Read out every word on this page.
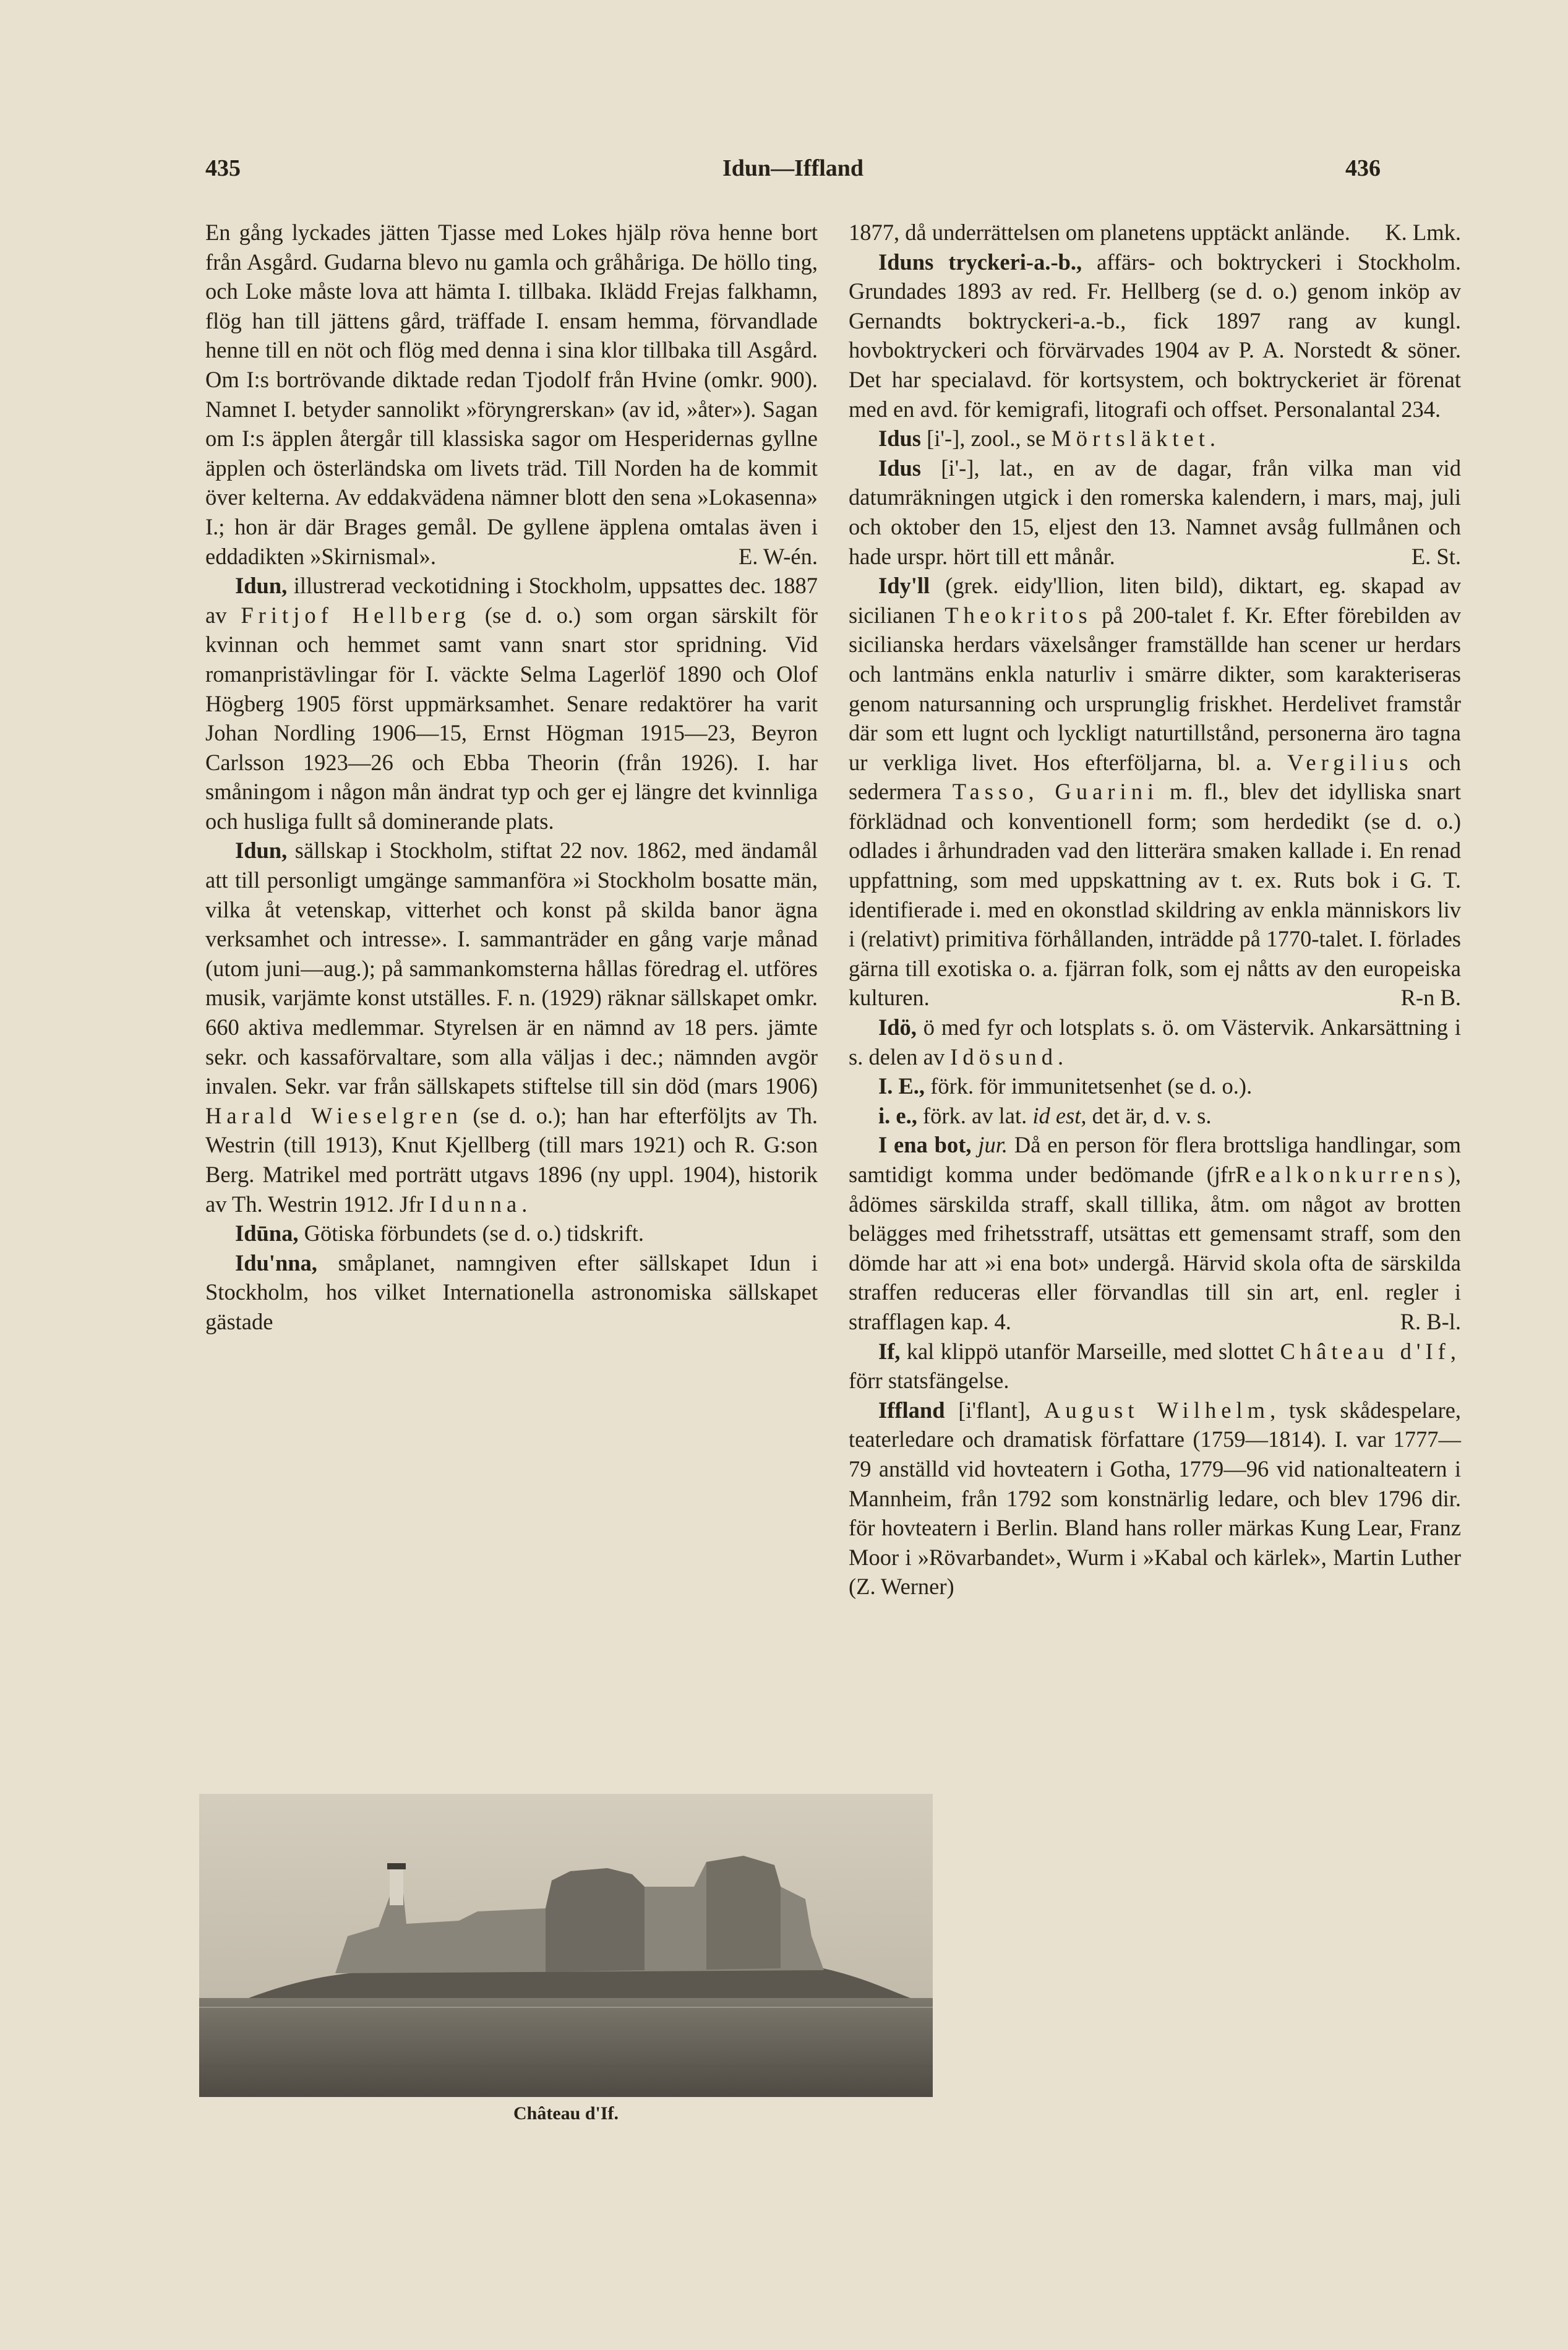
435	Idun—Iffland	436

En gång lyckades jätten Tjasse med Lokes hjälp röva henne bort från Asgård. Gudarna blevo nu gamla och gråhåriga. De höllo ting, och Loke måste lova att hämta I. tillbaka. Iklädd Frejas falkhamn, flög han till jättens gård, träffade I. ensam hemma, förvandlade henne till en nöt och flög med denna i sina klor tillbaka till Asgård. Om I:s bortrövande diktade redan Tjodolf från Hvine (omkr. 900). Namnet I. betyder sannolikt »föryngrerskan» (av id, »åter»). Sagan om I:s äpplen återgår till klassiska sagor om Hesperidernas gyllne äpplen och österländska om livets träd. Till Norden ha de kommit över kelterna. Av eddakvädena nämner blott den sena »Lokasenna» I.; hon är där Brages gemål. De gyllene äpplena omtalas även i eddadikten »Skirnismal».	E. W-én.

Idun, illustrerad veckotidning i Stockholm, uppsattes dec. 1887 av Fritjof Hellberg (se d. o.) som organ särskilt för kvinnan och hemmet samt vann snart stor spridning. Vid romanpristävlingar för I. väckte Selma Lagerlöf 1890 och Olof Högberg 1905 först uppmärksamhet. Senare redaktörer ha varit Johan Nordling 1906—15, Ernst Högman 1915—23, Beyron Carlsson 1923—26 och Ebba Theorin (från 1926). I. har småningom i någon mån ändrat typ och ger ej längre det kvinnliga och husliga fullt så dominerande plats.

Idun, sällskap i Stockholm, stiftat 22 nov. 1862, med ändamål att till personligt umgänge sammanföra »i Stockholm bosatte män, vilka åt vetenskap, vitterhet och konst på skilda banor ägna verksamhet och intresse». I. sammanträder en gång varje månad (utom juni—aug.); på sammankomsterna hållas föredrag el. utföres musik, varjämte konst utställes. F. n. (1929) räknar sällskapet omkr. 660 aktiva medlemmar. Styrelsen är en nämnd av 18 pers. jämte sekr. och kassaförvaltare, som alla väljas i dec.; nämnden avgör invalen. Sekr. var från sällskapets stiftelse till sin död (mars 1906) Harald Wieselgren (se d. o.); han har efterföljts av Th. Westrin (till 1913), Knut Kjellberg (till mars 1921) och R. G:son Berg. Matrikel med porträtt utgavs 1896 (ny uppl. 1904), historik av Th. Westrin 1912. Jfr Idunna.

Idūna, Götiska förbundets (se d. o.) tidskrift.

Idu'nna, småplanet, namngiven efter sällskapet Idun i Stockholm, hos vilket Internationella astronomiska sällskapet gästade

Château d'If.

1877, då underrättelsen om planetens upptäckt anlände. K. Lmk.

Iduns tryckeri-a.-b., affärs- och boktryckeri i Stockholm. Grundades 1893 av red. Fr. Hellberg (se d. o.) genom inköp av Gernandts boktryckeri-a.-b., fick 1897 rang av kungl. hovboktryckeri och förvärvades 1904 av P. A. Norstedt & söner. Det har specialavd. för kortsystem, och boktryckeriet är förenat med en avd. för kemigrafi, litografi och offset. Personalantal 234.

Idus [i'-], zool., se Mörtsläktet.

Idus [i'-], lat., en av de dagar, från vilka man vid datumräkningen utgick i den romerska kalendern, i mars, maj, juli och oktober den 15, eljest den 13. Namnet avsåg fullmånen och hade urspr. hört till ett månår.	E. St.

Idy'll (grek. eidy'llion, liten bild), diktart, eg. skapad av sicilianen Theokritos på 200-talet f. Kr. Efter förebilden av sicilianska herdars växelsånger framställde han scener ur herdars och lantmäns enkla naturliv i smärre dikter, som karakteriseras genom natursanning och ursprunglig friskhet. Herdelivet framstår där som ett lugnt och lyckligt naturtillstånd, personerna äro tagna ur verkliga livet. Hos efterföljarna, bl. a. Vergilius och sedermera Tasso, Guarini m. fl., blev det idylliska snart förklädnad och konventionell form; som herdedikt (se d. o.) odlades i århundraden vad den litterära smaken kallade i. En renad uppfattning, som med uppskattning av t. ex. Ruts bok i G. T. identifierade i. med en okonstlad skildring av enkla människors liv i (relativt) primitiva förhållanden, inträdde på 1770-talet. I. förlades gärna till exotiska o. a. fjärran folk, som ej nåtts av den europeiska kulturen.	R-n B.

Idö, ö med fyr och lotsplats s. ö. om Västervik. Ankarsättning i s. delen av Idösund.

I. E., förk. för immunitetsenhet (se d. o.).

i. e., förk. av lat. id est, det är, d. v. s.

I ena bot, jur. Då en person för flera brottsliga handlingar, som samtidigt komma under bedömande (jfrRealkonkurrens), ådömes särskilda straff, skall tillika, åtm. om något av brotten belägges med frihetsstraff, utsättas ett gemensamt straff, som den dömde har att »i ena bot» undergå. Härvid skola ofta de särskilda straffen reduceras eller förvandlas till sin art, enl. regler i strafflagen kap. 4.	R. B-l.

If, kal klippö utanför Marseille, med slottet Château d'If, förr statsfängelse.

Iffland [i'flant], August Wilhelm, tysk skådespelare, teaterledare och dramatisk författare (1759—1814). I. var 1777—79 anställd vid hovteatern i Gotha, 1779—96 vid nationalteatern i Mannheim, från 1792 som konstnärlig ledare, och blev 1796 dir. för hovteatern i Berlin. Bland hans roller märkas Kung Lear, Franz Moor i »Rövarbandet», Wurm i »Kabal och kärlek», Martin Luther (Z. Werner)
